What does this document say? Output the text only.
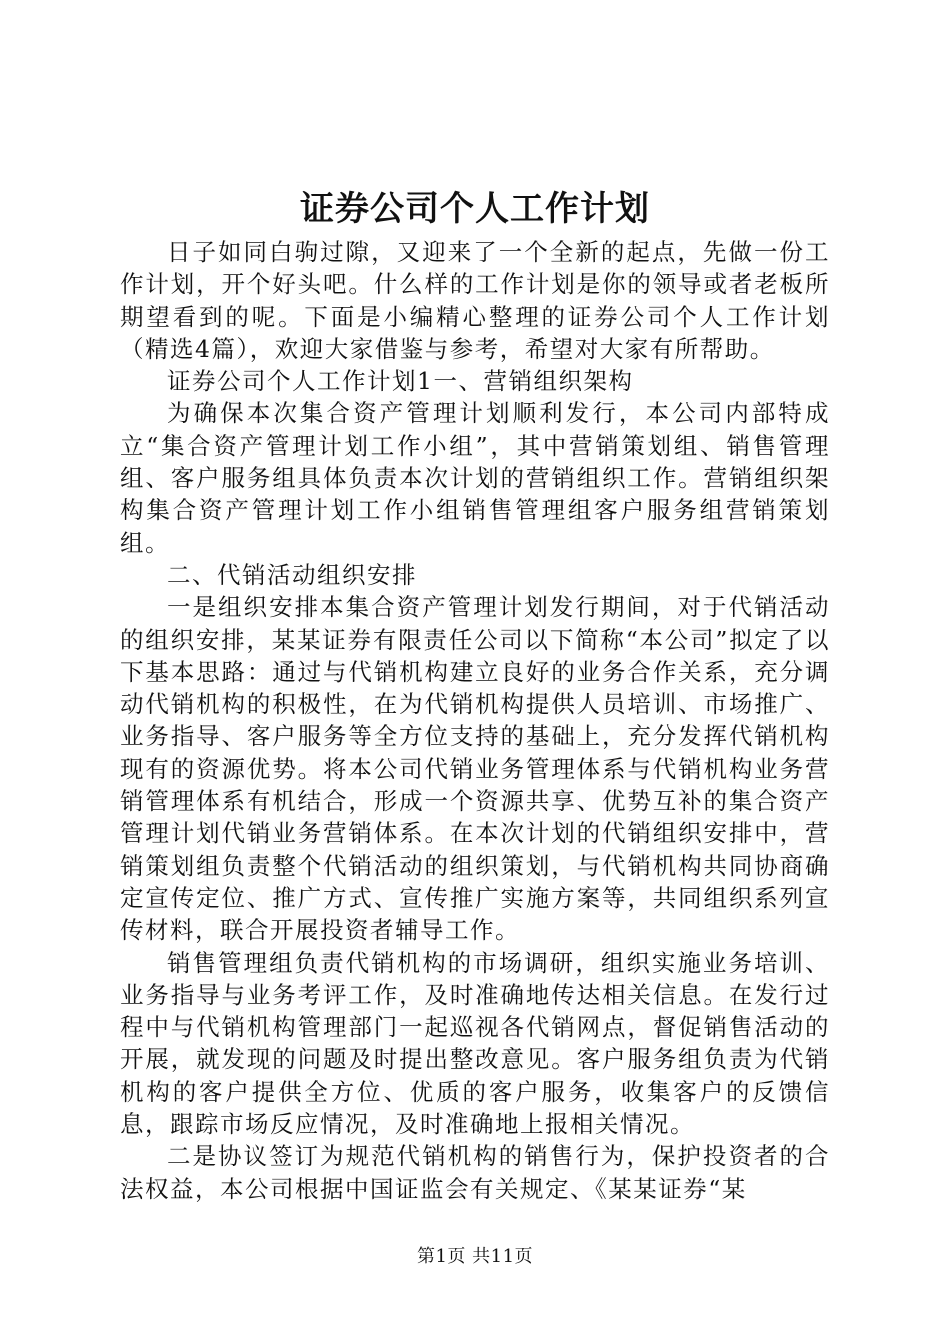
证券公司个人工作计划

日子如同白驹过隙，又迎来了一个全新的起点，先做一份工作计划，开个好头吧。什么样的工作计划是你的领导或者老板所期望看到的呢。下面是小编精心整理的证券公司个人工作计划（精选4篇），欢迎大家借鉴与参考，希望对大家有所帮助。

证券公司个人工作计划1一、营销组织架构

为确保本次集合资产管理计划顺利发行，本公司内部特成立“集合资产管理计划工作小组”，其中营销策划组、销售管理组、客户服务组具体负责本次计划的营销组织工作。营销组织架构集合资产管理计划工作小组销售管理组客户服务组营销策划组。

二、代销活动组织安排

一是组织安排本集合资产管理计划发行期间，对于代销活动的组织安排，某某证券有限责任公司以下简称“本公司”拟定了以下基本思路：通过与代销机构建立良好的业务合作关系，充分调动代销机构的积极性，在为代销机构提供人员培训、市场推广、业务指导、客户服务等全方位支持的基础上，充分发挥代销机构现有的资源优势。将本公司代销业务管理体系与代销机构业务营销管理体系有机结合，形成一个资源共享、优势互补的集合资产管理计划代销业务营销体系。在本次计划的代销组织安排中，营销策划组负责整个代销活动的组织策划，与代销机构共同协商确定宣传定位、推广方式、宣传推广实施方案等，共同组织系列宣传材料，联合开展投资者辅导工作。

销售管理组负责代销机构的市场调研，组织实施业务培训、业务指导与业务考评工作，及时准确地传达相关信息。在发行过程中与代销机构管理部门一起巡视各代销网点，督促销售活动的开展，就发现的问题及时提出整改意见。客户服务组负责为代销机构的客户提供全方位、优质的客户服务，收集客户的反馈信息，跟踪市场反应情况，及时准确地上报相关情况。

二是协议签订为规范代销机构的销售行为，保护投资者的合法权益，本公司根据中国证监会有关规定、《某某证券“某

第1页 共11页
